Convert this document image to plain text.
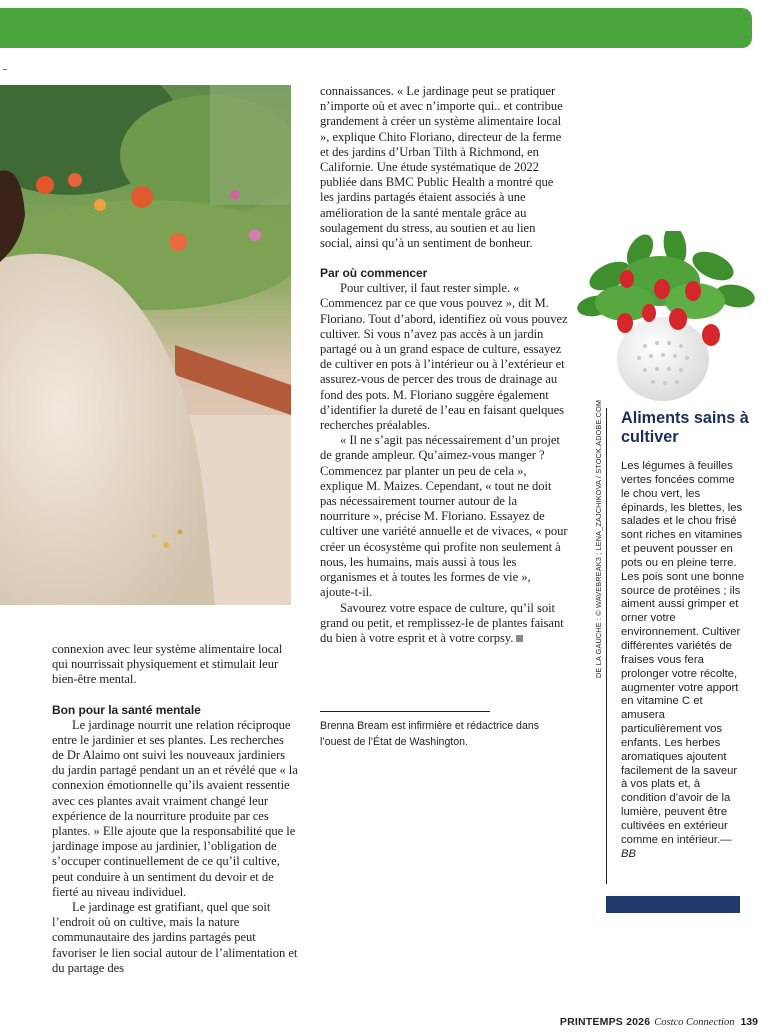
connexion avec leur système alimentaire local qui nourrissait physiquement et stimulait leur bien-être mental.

Bon pour la santé mentale

Le jardinage nourrit une relation réciproque entre le jardinier et ses plantes. Les recherches de Dr Alaimo ont suivi les nouveaux jardiniers du jardin partagé pendant un an et révélé que « la connexion émotionnelle qu’ils avaient ressentie avec ces plantes avait vraiment changé leur expérience de la nourriture produite par ces plantes. » Elle ajoute que la responsabilité que le jardinage impose au jardinier, l’obligation de s’occuper continuellement de ce qu’il cultive, peut conduire à un sentiment du devoir et de fierté au niveau individuel.

Le jardinage est gratifiant, quel que soit l’endroit où on cultive, mais la nature communautaire des jardins partagés peut favoriser le lien social autour de l’alimentation et du partage des

connaissances. « Le jardinage peut se pratiquer n’importe où et avec n’importe qui.. et contribue grandement à créer un système alimentaire local », explique Chito Floriano, directeur de la ferme et des jardins d’Urban Tilth à Richmond, en Californie. Une étude systématique de 2022 publiée dans BMC Public Health a montré que les jardins partagés étaient associés à une amélioration de la santé mentale grâce au soulagement du stress, au soutien et au lien social, ainsi qu’à un sentiment de bonheur.

Par où commencer

Pour cultiver, il faut rester simple. « Commencez par ce que vous pouvez », dit M. Floriano. Tout d’abord, identifiez où vous pouvez cultiver. Si vous n’avez pas accès à un jardin partagé ou à un grand espace de culture, essayez de cultiver en pots à l’intérieur ou à l’extérieur et assurez-vous de percer des trous de drainage au fond des pots. M. Floriano suggère également d’identifier la dureté de l’eau en faisant quelques recherches préalables.

« Il ne s’agit pas nécessairement d’un projet de grande ampleur. Qu’aimez-vous manger ? Commencez par planter un peu de cela », explique M. Maizes. Cependant, « tout ne doit pas nécessairement tourner autour de la nourriture », précise M. Floriano. Essayez de cultiver une variété annuelle et de vivaces, « pour créer un écosystème qui profite non seulement à nous, les humains, mais aussi à tous les organismes et à toutes les formes de vie », ajoute-t-il.

Savourez votre espace de culture, qu’il soit grand ou petit, et remplissez-le de plantes faisant du bien à votre esprit et à votre corpsy.

Brenna Bream est infirmière et rédactrice dans l’ouest de l’État de Washington.
DE LA GAUCHE : © WAVEBREAK3 ; LENA_ZAJCHIKOVA / STOCK.ADOBE.COM Aliments sains à cultiver
Les légumes à feuilles vertes foncées comme le chou vert, les épinards, les blettes, les salades et le chou frisé sont riches en vitamines et peuvent pousser en pots ou en pleine terre. Les pois sont une bonne source de protéines ; ils aiment aussi grimper et orner votre environnement. Cultiver différentes variétés de fraises vous fera prolonger votre récolte, augmenter votre apport en vitamine C et amusera particulièrement vos enfants. Les herbes aromatiques ajoutent facilement de la saveur à vos plats et, à condition d’avoir de la lumière, peuvent être cultivées en extérieur comme en intérieur.—BB
PRINTEMPS 2026 Costco Connection 139
